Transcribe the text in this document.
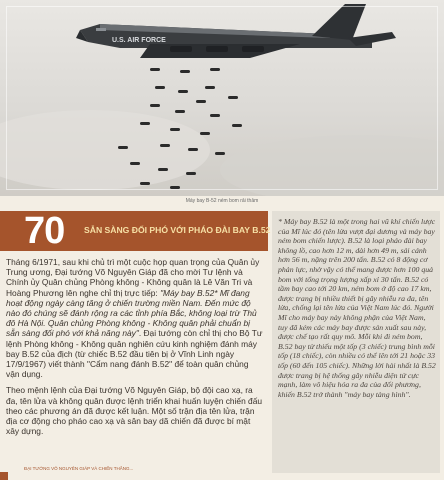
U.S. AIR FORCE
Máy bay B-52 ném bom rải thảm
70 SẴN SÀNG ĐỐI PHÓ VỚI PHÁO ĐÀI BAY B.52

Tháng 6/1971, sau khi chủ trì một cuộc họp quan trọng của Quân ủy Trung ương, Đại tướng Võ Nguyên Giáp đã cho mời Tư lệnh và Chính ủy Quân chủng Phòng không - Không quân là Lê Văn Tri và Hoàng Phương lên nghe chỉ thị trực tiếp: "Máy bay B.52* Mĩ đang hoạt động ngày càng tăng ở chiến trường miền Nam. Đến mức độ nào đó chúng sẽ đánh rộng ra các tỉnh phía Bắc, không loại trừ Thủ đô Hà Nội. Quân chủng Phòng không - Không quân phải chuẩn bị sẵn sàng đối phó với khả năng này". Đại tướng còn chỉ thị cho Bộ Tư lệnh Phòng không - Không quân nghiên cứu kinh nghiệm đánh máy bay B.52 của địch (từ chiếc B.52 đầu tiên bị ở Vĩnh Linh ngày 17/9/1967) viết thành "Cẩm nang đánh B.52" để toàn quân chủng vận dụng.

Theo mệnh lệnh của Đại tướng Võ Nguyên Giáp, bộ đội cao xạ, ra đa, tên lửa và không quân được lệnh triển khai huấn luyện chiến đấu theo các phương án đã được kết luận. Một số trận địa tên lửa, trận địa cơ động cho pháo cao xạ và sân bay dã chiến đã được bí mật xây dựng.

* Máy bay B.52 là một trong hai vũ khí chiến lược của Mĩ lúc đó (tên lửa vượt đại dương và máy bay ném bom chiến lược). B.52 là loại pháo đài bay không lồ, cao hơn 12 m, dài hơn 49 m, sải cánh hơn 56 m, nặng trên 200 tấn. B.52 có 8 động cơ phản lực, nhờ vậy có thể mang được hơn 100 quả bom với tổng trọng lượng xấp xỉ 30 tấn. B.52 có tầm bay cao tới 20 km, ném bom ở độ cao 17 km, được trang bị nhiều thiết bị gây nhiễu ra đa, tên lửa, chống lại tên lửa của Việt Nam lúc đó. Người Mĩ cho máy bay này không phận của Việt Nam, tuy đã kém các máy bay được sản xuất sau này, được chế tạo rất quy mô. Mỗi khi đi ném bom, B.52 bay từ thiếu một tốp (3 chiếc) trung bình mỗi tốp (18 chiếc), còn nhiều có thể lên tới 21 hoặc 33 tốp (60 đến 105 chiếc). Những lời hài nhất là B.52 được trang bị hệ thống gây nhiễu điện tử cực mạnh, làm vô hiệu hóa ra đa của đối phương, khiến B.52 trở thành "máy bay tàng hình".
ĐẠI TƯỚNG VÕ NGUYÊN GIÁP VÀ CHIẾN THẮNG...
